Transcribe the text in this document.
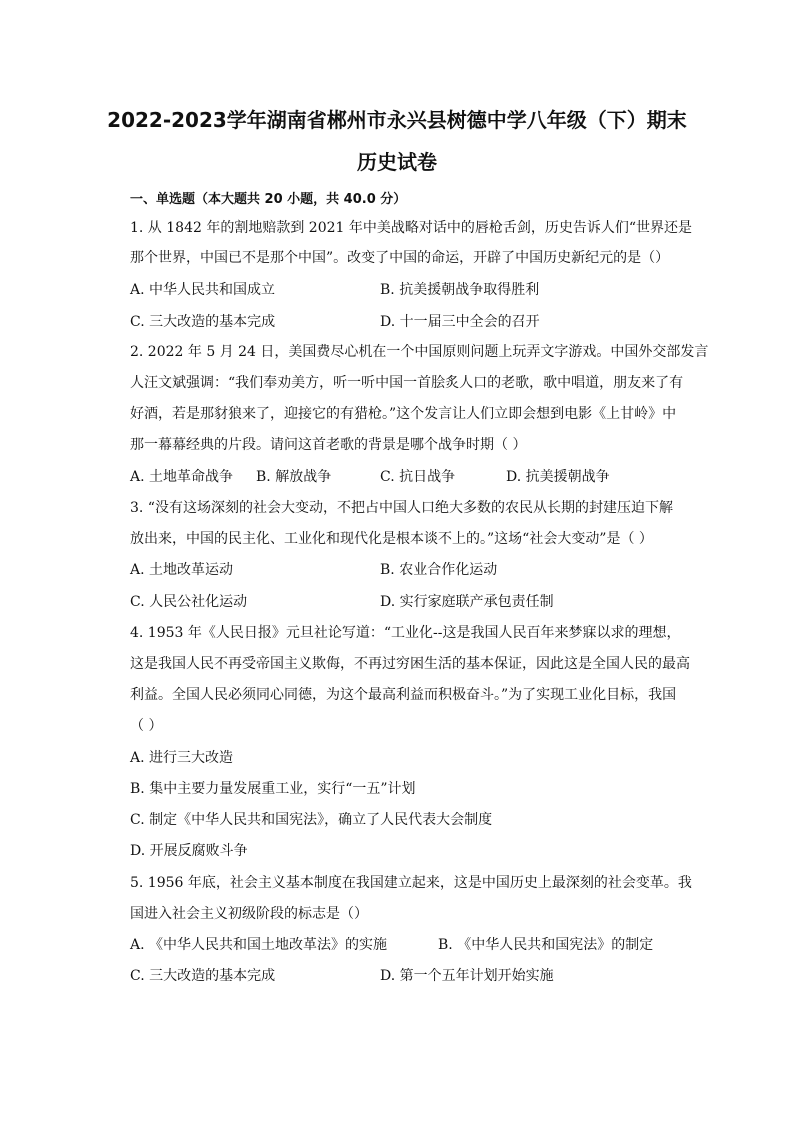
2022-2023学年湖南省郴州市永兴县树德中学八年级（下）期末
历史试卷
一、单选题（本大题共 20 小题，共 40.0 分）
1. 从 1842 年的割地赔款到 2021 年中美战略对话中的唇枪舌剑，历史告诉人们“世界还是
那个世界，中国已不是那个中国”。改变了中国的命运，开辟了中国历史新纪元的是（）
A. 中华人民共和国成立	B. 抗美援朝战争取得胜利
C. 三大改造的基本完成	D. 十一届三中全会的召开
2. 2022 年 5 月 24 日，美国费尽心机在一个中国原则问题上玩弄文字游戏。中国外交部发言
人汪文斌强调：“我们奉劝美方，听一听中国一首脍炙人口的老歌，歌中唱道，朋友来了有
好酒，若是那豺狼来了，迎接它的有猎枪。”这个发言让人们立即会想到电影《上甘岭》中
那一幕幕经典的片段。请问这首老歌的背景是哪个战争时期（ ）
A. 土地革命战争 B. 解放战争	C. 抗日战争	D. 抗美援朝战争
3. “没有这场深刻的社会大变动，不把占中国人口绝大多数的农民从长期的封建压迫下解
放出来，中国的民主化、工业化和现代化是根本谈不上的。”这场“社会大变动”是（ ）
A. 土地改革运动	B. 农业合作化运动
C. 人民公社化运动	D. 实行家庭联产承包责任制
4. 1953 年《人民日报》元旦社论写道：“工业化--这是我国人民百年来梦寐以求的理想，
这是我国人民不再受帝国主义欺侮，不再过穷困生活的基本保证，因此这是全国人民的最高
利益。全国人民必须同心同德，为这个最高利益而积极奋斗。”为了实现工业化目标，我国
（ ）
A. 进行三大改造
B. 集中主要力量发展重工业，实行“一五”计划
C. 制定《中华人民共和国宪法》，确立了人民代表大会制度
D. 开展反腐败斗争
5. 1956 年底，社会主义基本制度在我国建立起来，这是中国历史上最深刻的社会变革。我
国进入社会主义初级阶段的标志是（）
A. 《中华人民共和国土地改革法》的实施	B. 《中华人民共和国宪法》的制定
C. 三大改造的基本完成	D. 第一个五年计划开始实施
